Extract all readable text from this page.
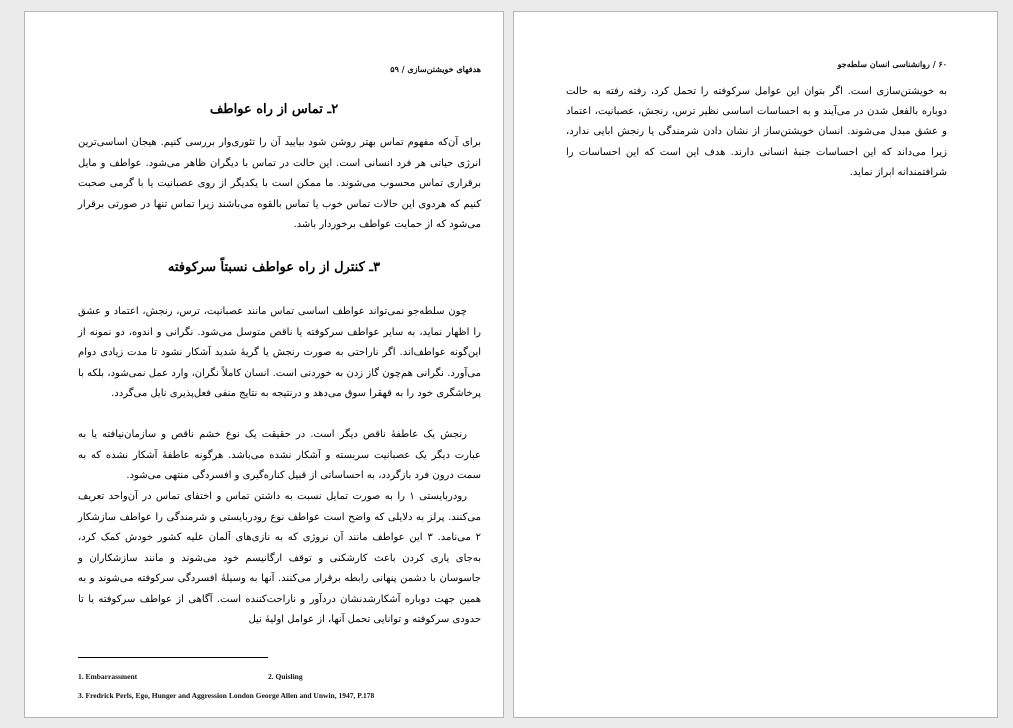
هدفهای خویشتن‌سازی / ۵۹
۲ـ تماس از راه عواطف

برای آن‌که مفهوم تماس بهتر روشن شود بیایید آن را تئوری‌وار بررسی کنیم. هیجان اساسی‌ترین انرژی حیاتی هر فرد انسانی است. این حالت در تماس با دیگران ظاهر می‌شود. عواطف و مایل برقراری تماس محسوب می‌شوند. ما ممکن است با یکدیگر از روی عصبانیت یا با گرمی صحبت کنیم که هردوی این حالات تماس خوب یا تماس بالقوه می‌باشند زیرا تماس تنها در صورتی برقرار می‌شود که از حمایت عواطف برخوردار باشد.

۳ـ کنترل از راه عواطف نسبتاً سرکوفته

چون سلطه‌جو نمی‌تواند عواطف اساسی تماس مانند عصبانیت، ترس، رنجش، اعتماد و عشق را اظهار نماید، به سایر عواطف سرکوفته یا ناقص متوسل می‌شود. نگرانی و اندوه، دو نمونه از این‌گونه عواطف‌اند. اگر ناراحتی به صورت رنجش یا گریهٔ شدید آشکار نشود تا مدت زیادی دوام می‌آورد. نگرانی هم‌چون گاز زدن به خوردنی است. انسان کاملاً نگران، وارد عمل نمی‌شود، بلکه با پرخاشگری خود را به قهقرا سوق می‌دهد و درنتیجه به نتایج منفی فعل‌پذیری نایل می‌گردد.

رنجش یک عاطفهٔ ناقص دیگر است. در حقیقت یک نوع خشم ناقص و سازمان‌نیافته یا به عبارت دیگر یک عصبانیت سربسته و آشکار نشده می‌باشد. هرگونه عاطفهٔ آشکار نشده که به سمت درون فرد بازگردد، به احساساتی از قبیل کناره‌گیری و افسردگی منتهی می‌شود.

رودربایستی ۱ را به صورت تمایل نسبت به داشتن تماس و اختفای تماس در آن‌واحد تعریف می‌کنند. پرلز به دلایلی که واضح است عواطف نوع رودربایستی و شرمندگی را عواطف سازشکار ۲ می‌نامد. ۳ این عواطف مانند آن نروژی که به نازی‌های آلمان علیه کشور خودش کمک کرد، به‌جای یاری کردن باعث کارشکنی و توقف ارگانیسم خود می‌شوند و مانند سازشکاران و جاسوسان با دشمن پنهانی رابطه برقرار می‌کنند. آنها به وسیلهٔ افسردگی سرکوفته می‌شوند و به همین جهت دوباره آشکارشدنشان دردآور و ناراحت‌کننده است. آگاهی از عواطف سرکوفته یا تا حدودی سرکوفته و توانایی تحمل آنها، از عوامل اولیهٔ نیل

1. Embarrassment	2. Quisling
3. Fredrick Perls, Ego, Hunger and Aggression London George Allen and Unwin, 1947, P.178
۶۰ / روانشناسی انسان سلطه‌جو

به خویشتن‌سازی است. اگر بتوان این عوامل سرکوفته را تحمل کرد، رفته رفته به حالت دوباره بالفعل شدن در می‌آیند و به احساسات اساسی نظیر ترس، رنجش، عصبانیت، اعتماد و عشق مبدل می‌شوند. انسان خویشتن‌ساز از نشان دادن شرمندگی یا رنجش ابایی ندارد، زیرا می‌داند که این احساسات جنبهٔ انسانی دارند. هدف این است که این احساسات را شرافتمندانه ابراز نماید.
